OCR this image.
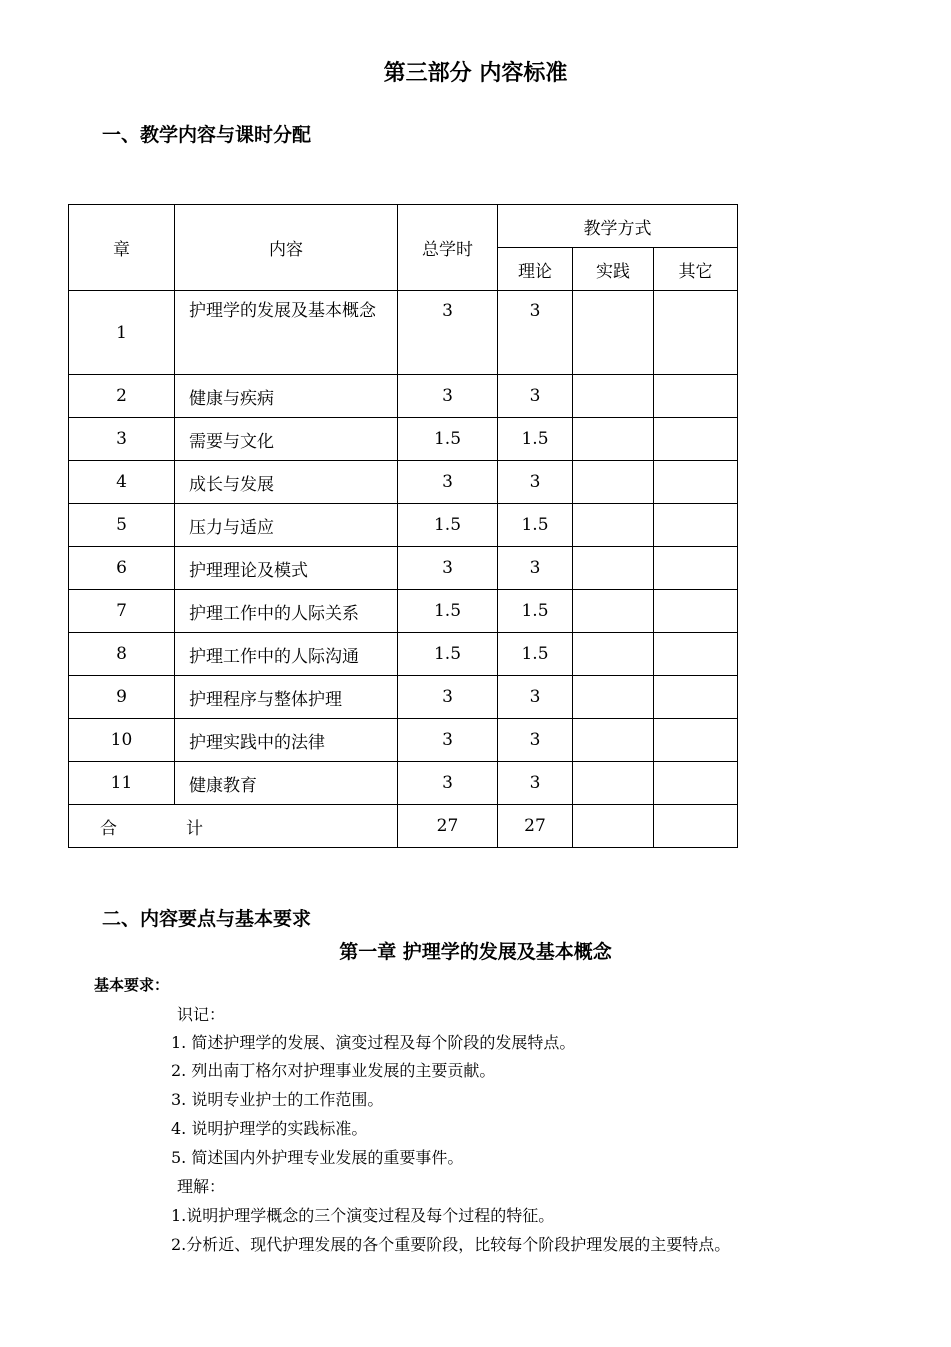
第三部分 内容标准
一、教学内容与课时分配
章	内容	总学时	教学方式		
			理论	实践	其它
1	护理学的发展及基本概念	3	3		
2	健康与疾病	3	3		
3	需要与文化	1.5	1.5		
4	成长与发展	3	3		
5	压力与适应	1.5	1.5		
6	护理理论及模式	3	3		
7	护理工作中的人际关系	1.5	1.5		
8	护理工作中的人际沟通	1.5	1.5		
9	护理程序与整体护理	3	3		
10	护理实践中的法律	3	3		
11	健康教育	3	3		
合 计		27	27		
二、内容要点与基本要求
第一章 护理学的发展及基本概念
基本要求：
识记：
1. 简述护理学的发展、演变过程及每个阶段的发展特点。
2. 列出南丁格尔对护理事业发展的主要贡献。
3. 说明专业护士的工作范围。
4. 说明护理学的实践标准。
5. 简述国内外护理专业发展的重要事件。
理解：
1.说明护理学概念的三个演变过程及每个过程的特征。
2.分析近、现代护理发展的各个重要阶段，比较每个阶段护理发展的主要特点。
